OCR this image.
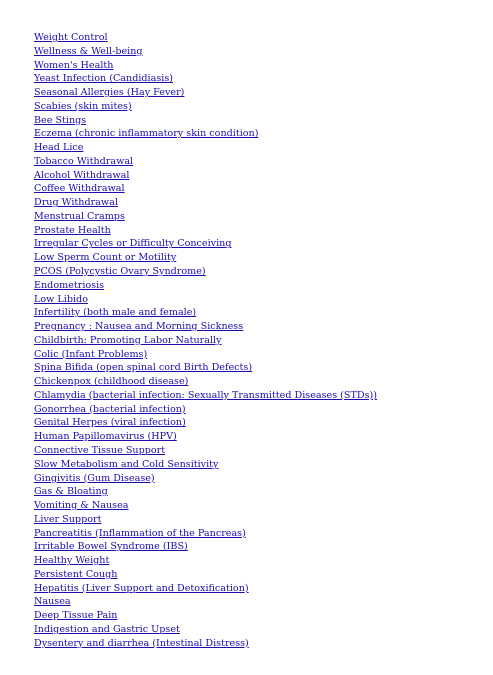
Weight Control
Wellness & Well-being
Women's Health
Yeast Infection (Candidiasis)
Seasonal Allergies (Hay Fever)
Scabies (skin mites)
Bee Stings
Eczema (chronic inflammatory skin condition)
Head Lice
Tobacco Withdrawal
Alcohol Withdrawal
Coffee Withdrawal
Drug Withdrawal
Menstrual Cramps
Prostate Health
Irregular Cycles or Difficulty Conceiving
Low Sperm Count or Motility
PCOS (Polycystic Ovary Syndrome)
Endometriosis
Low Libido
Infertility (both male and female)
Pregnancy : Nausea and Morning Sickness
Childbirth: Promoting Labor Naturally
Colic (Infant Problems)
Spina Bifida (open spinal cord Birth Defects)
Chickenpox (childhood disease)
Chlamydia (bacterial infection: Sexually Transmitted Diseases (STDs))
Gonorrhea (bacterial infection)
Genital Herpes (viral infection)
Human Papillomavirus (HPV)
Connective Tissue Support
Slow Metabolism and Cold Sensitivity
Gingivitis (Gum Disease)
Gas & Bloating
Vomiting & Nausea
Liver Support
Pancreatitis (Inflammation of the Pancreas)
Irritable Bowel Syndrome (IBS)
Healthy Weight
Persistent Cough
Hepatitis (Liver Support and Detoxification)
Nausea
Deep Tissue Pain
Indigestion and Gastric Upset
Dysentery and diarrhea (Intestinal Distress)
